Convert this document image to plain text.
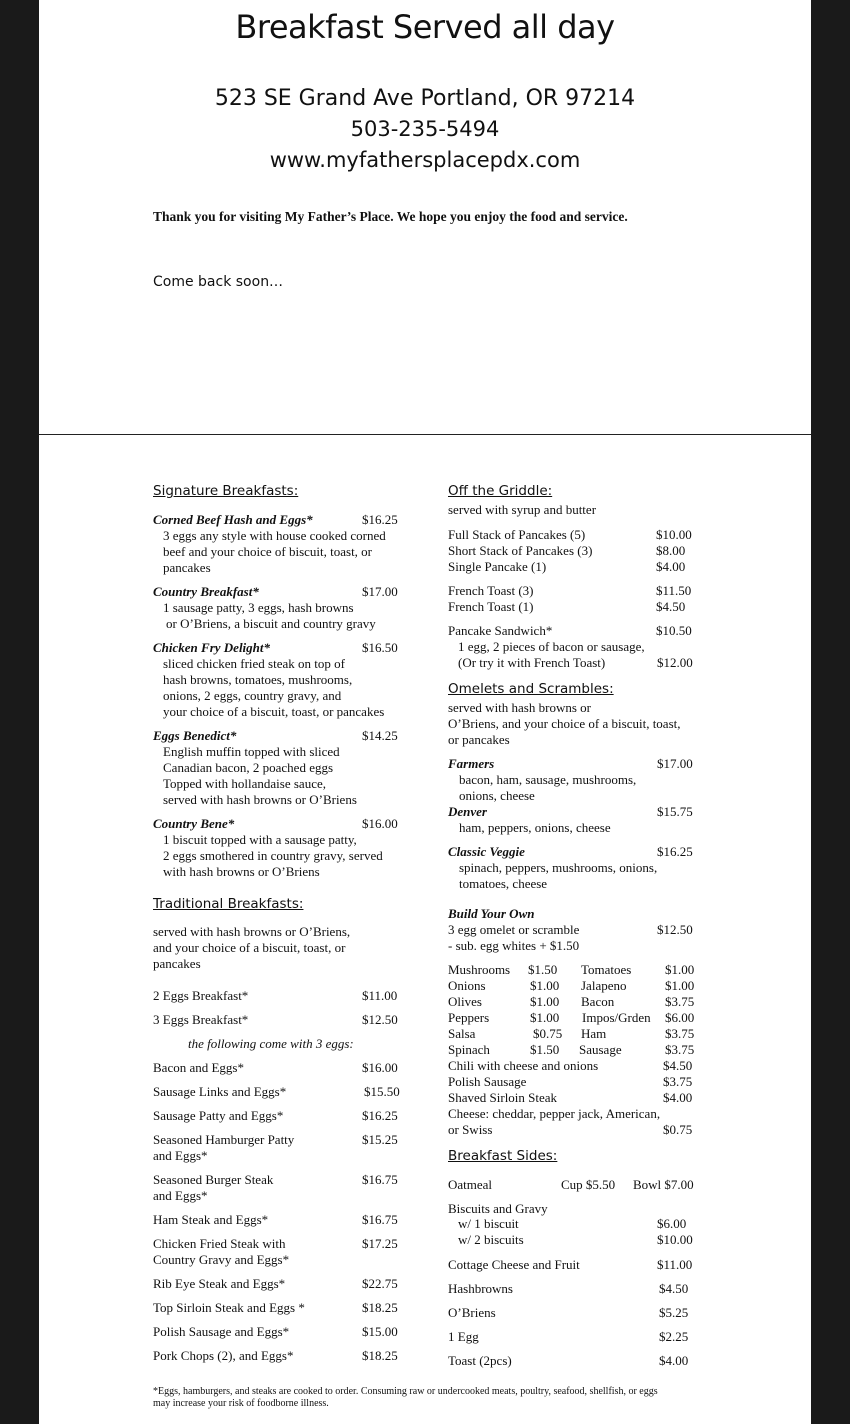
Breakfast Served all day
523 SE Grand Ave Portland, OR 97214
503-235-5494
www.myfathersplacepdx.com
Thank you for visiting My Father’s Place. We hope you enjoy the food and service.
Come back soon…
Signature Breakfasts:
Corned Beef Hash and Eggs*	$16.25
3 eggs any style with house cooked corned
beef and your choice of biscuit, toast, or
pancakes
Country Breakfast*	$17.00
1 sausage patty, 3 eggs, hash browns
or O’Briens, a biscuit and country gravy
Chicken Fry Delight*	$16.50
sliced chicken fried steak on top of
hash browns, tomatoes, mushrooms,
onions, 2 eggs, country gravy, and
your choice of a biscuit, toast, or pancakes
Eggs Benedict*	$14.25
English muffin topped with sliced
Canadian bacon, 2 poached eggs
Topped with hollandaise sauce,
served with hash browns or O’Briens
Country Bene*	$16.00
1 biscuit topped with a sausage patty,
2 eggs smothered in country gravy, served
with hash browns or O’Briens
Traditional Breakfasts:
served with hash browns or O’Briens,
and your choice of a biscuit, toast, or
pancakes
2 Eggs Breakfast*	$11.00
3 Eggs Breakfast*	$12.50
the following come with 3 eggs:
Bacon and Eggs*	$16.00
Sausage Links and Eggs*	$15.50
Sausage Patty and Eggs*	$16.25
Seasoned Hamburger Patty
and Eggs*
$15.25
Seasoned Burger Steak
and Eggs*
$16.75
Ham Steak and Eggs*	$16.75
Chicken Fried Steak with
Country Gravy and Eggs*
$17.25
Rib Eye Steak and Eggs*	$22.75
Top Sirloin Steak and Eggs *	$18.25
Polish Sausage and Eggs*	$15.00
Pork Chops (2), and Eggs*	$18.25
Off the Griddle:
served with syrup and butter
Full Stack of Pancakes (5)	$10.00
Short Stack of Pancakes (3)	$8.00
Single Pancake (1)	$4.00
French Toast (3)	$11.50
French Toast (1)	$4.50
Pancake Sandwich*	$10.50
1 egg, 2 pieces of bacon or sausage,
(Or try it with French Toast)	$12.00
Omelets and Scrambles:
served with hash browns or
O’Briens, and your choice of a biscuit, toast,
or pancakes
Farmers	$17.00
bacon, ham, sausage, mushrooms,
onions, cheese
Denver	$15.75
ham, peppers, onions, cheese
Classic Veggie	$16.25
spinach, peppers, mushrooms, onions,
tomatoes, cheese
Build Your Own
3 egg omelet or scramble	$12.50
- sub. egg whites + $1.50
Mushrooms $1.50 Tomatoes	$1.00
Onions	$1.00 Jalapeno	$1.00
Olives	$1.00 Bacon	$3.75
Peppers	$1.00 Impos/Grden $6.00
Salsa	$0.75 Ham	$3.75
Spinach	$1.50 Sausage	$3.75
Chili with cheese and onions	$4.50
Polish Sausage	$3.75
Shaved Sirloin Steak	$4.00
Cheese: cheddar, pepper jack, American,
or Swiss	$0.75
Breakfast Sides:
Oatmeal	Cup $5.50 Bowl $7.00
Biscuits and Gravy
w/ 1 biscuit	$6.00
w/ 2 biscuits	$10.00
Cottage Cheese and Fruit	$11.00
Hashbrowns	$4.50
O’Briens	$5.25
1 Egg	$2.25
Toast (2pcs)	$4.00
*Eggs, hamburgers, and steaks are cooked to order. Consuming raw or undercooked meats, poultry, seafood, shellfish, or eggs
may increase your risk of foodborne illness.
